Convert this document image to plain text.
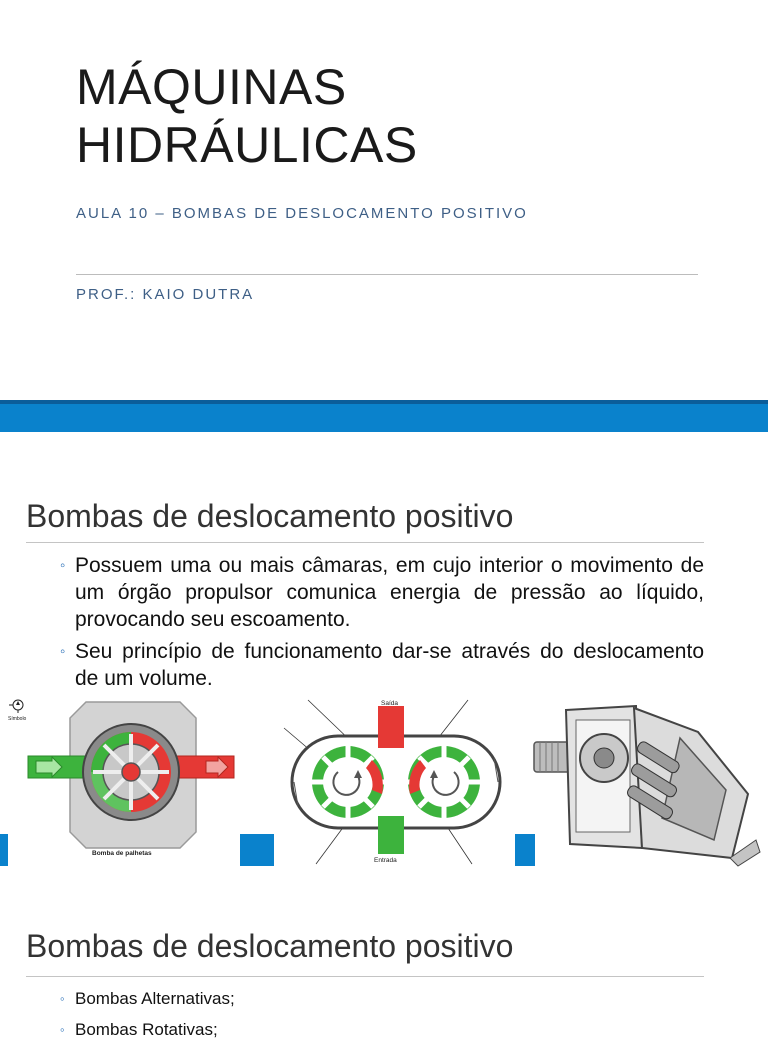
MÁQUINAS
HIDRÁULICAS
AULA 10 – BOMBAS DE DESLOCAMENTO POSITIVO
PROF.: KAIO DUTRA
Bombas de deslocamento positivo
◦ Possuem uma ou mais câmaras, em cujo interior o movimento de um órgão propulsor comunica energia de pressão ao líquido, provocando seu escoamento.
◦ Seu princípio de funcionamento dar-se através do deslocamento de um volume.
Símbolo
Bomba de palhetas
Saída
Entrada
Bombas de deslocamento positivo
◦ Bombas Alternativas;
◦ Bombas Rotativas;
